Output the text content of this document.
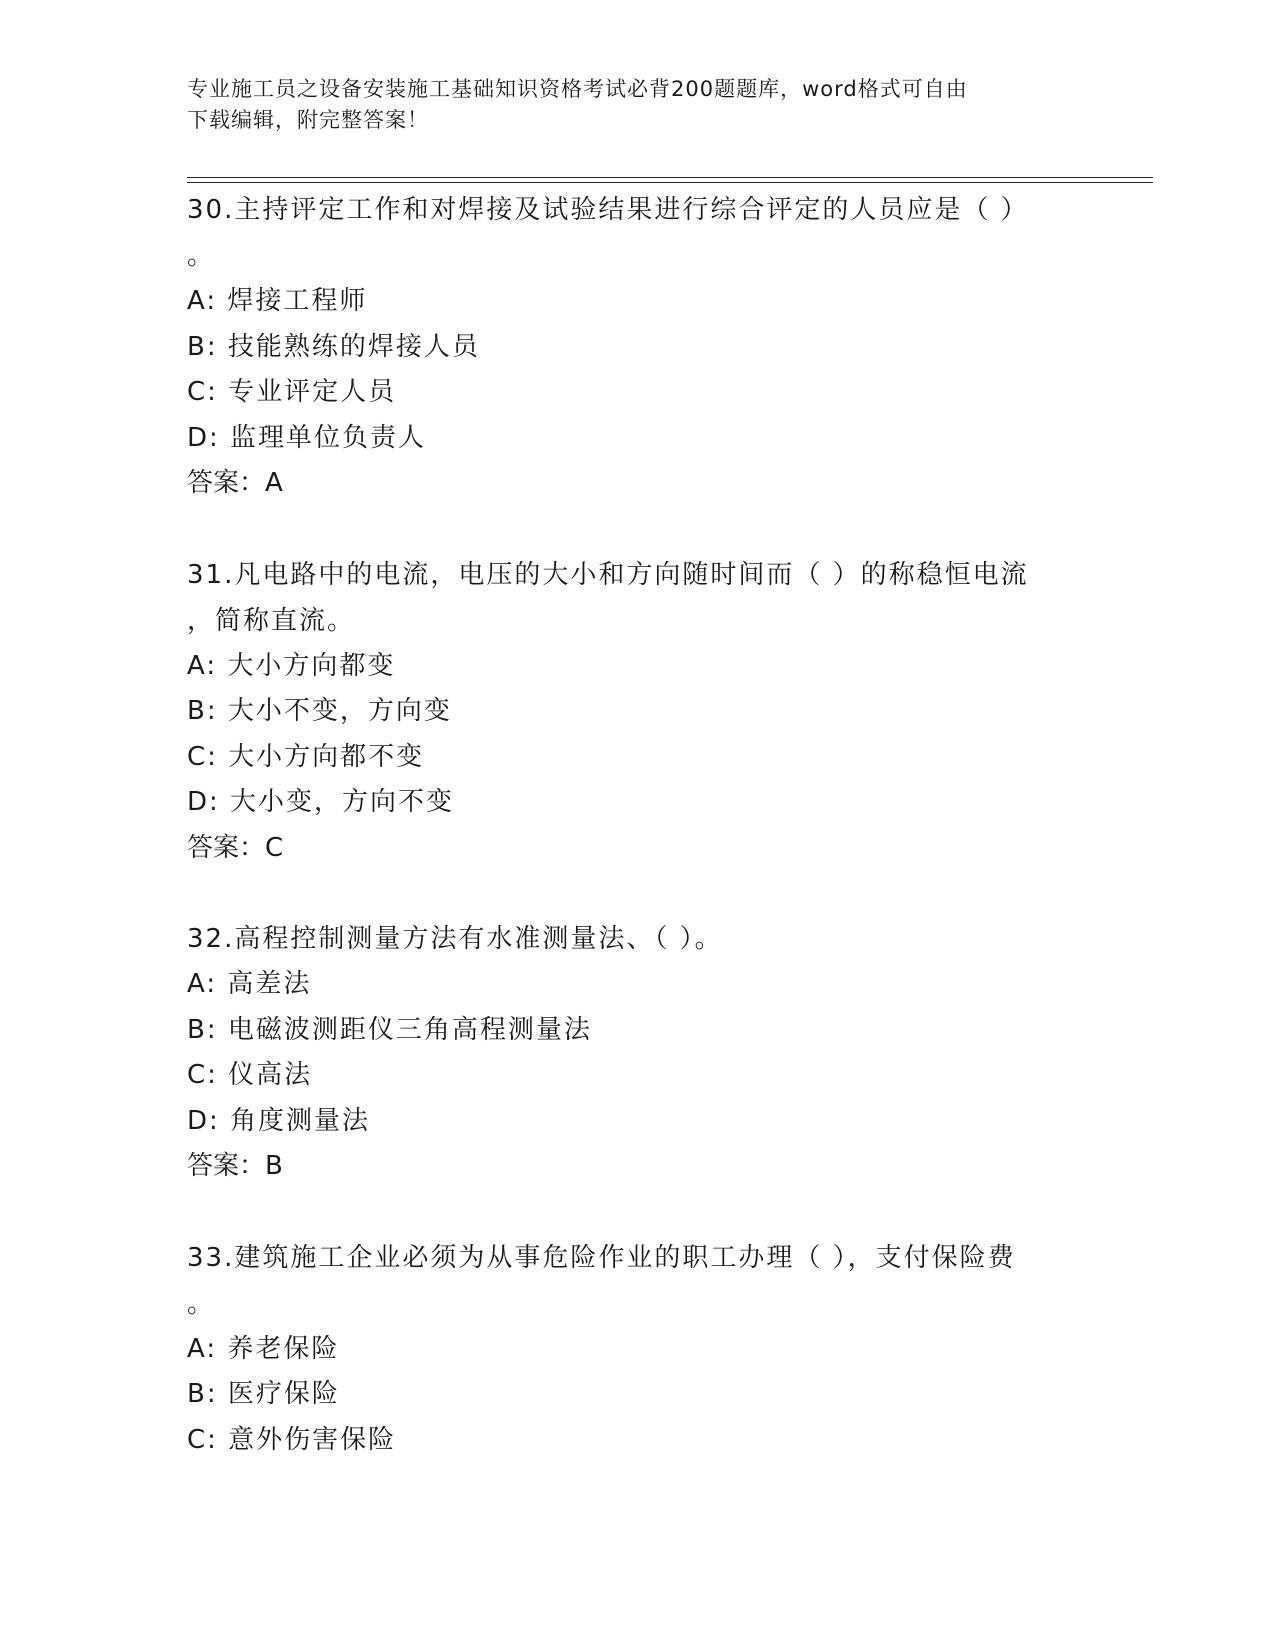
专业施工员之设备安装施工基础知识资格考试必背200题题库，word格式可自由
下载编辑，附完整答案！

30.主持评定工作和对焊接及试验结果进行综合评定的人员应是（ ）

。

A: 焊接工程师

B: 技能熟练的焊接人员

C: 专业评定人员

D: 监理单位负责人

答案：A

31.凡电路中的电流，电压的大小和方向随时间而（ ）的称稳恒电流

，简称直流。

A: 大小方向都变

B: 大小不变，方向变

C: 大小方向都不变

D: 大小变，方向不变

答案：C

32.高程控制测量方法有水准测量法、（ ）。

A: 高差法

B: 电磁波测距仪三角高程测量法

C: 仪高法

D: 角度测量法

答案：B

33.建筑施工企业必须为从事危险作业的职工办理（ ），支付保险费

。

A: 养老保险

B: 医疗保险

C: 意外伤害保险
